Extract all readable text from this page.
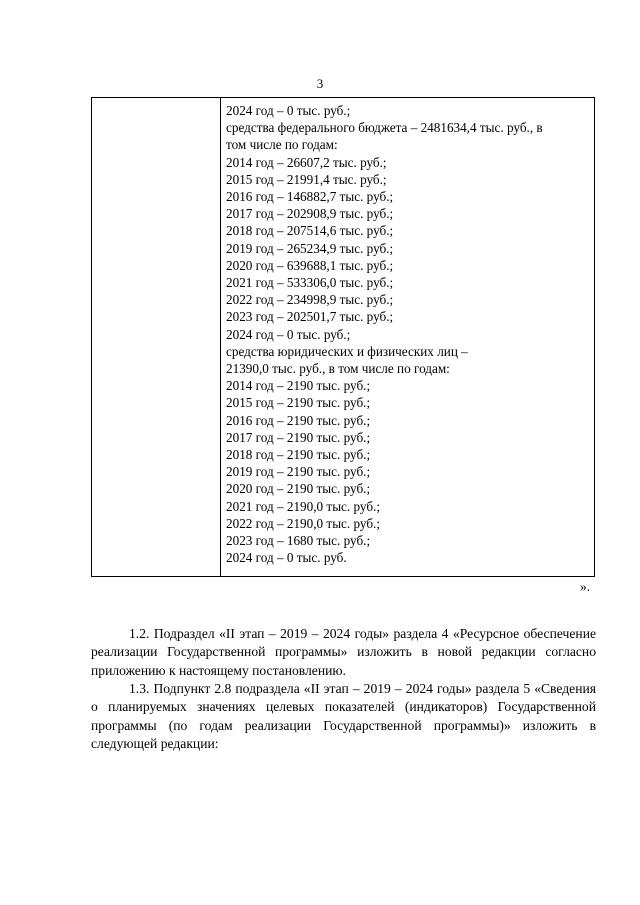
3

2024 год – 0 тыс. руб.;
средства федерального бюджета – 2481634,4 тыс. руб., в
том числе по годам:
2014 год – 26607,2 тыс. руб.;
2015 год – 21991,4 тыс. руб.;
2016 год – 146882,7 тыс. руб.;
2017 год – 202908,9 тыс. руб.;
2018 год – 207514,6 тыс. руб.;
2019 год – 265234,9 тыс. руб.;
2020 год – 639688,1 тыс. руб.;
2021 год – 533306,0 тыс. руб.;
2022 год – 234998,9 тыс. руб.;
2023 год – 202501,7 тыс. руб.;
2024 год – 0 тыс. руб.;
средства юридических и физических лиц –
21390,0 тыс. руб., в том числе по годам:
2014 год – 2190 тыс. руб.;
2015 год – 2190 тыс. руб.;
2016 год – 2190 тыс. руб.;
2017 год – 2190 тыс. руб.;
2018 год – 2190 тыс. руб.;
2019 год – 2190 тыс. руб.;
2020 год – 2190 тыс. руб.;
2021 год – 2190,0 тыс. руб.;
2022 год – 2190,0 тыс. руб.;
2023 год – 1680 тыс. руб.;
2024 год – 0 тыс. руб.
».
1.2. Подраздел «II этап – 2019 – 2024 годы» раздела 4 «Ресурсное обеспечение реализации Государственной программы» изложить в новой редакции согласно приложению к настоящему постановлению.
1.3. Подпункт 2.8 подраздела «II этап – 2019 – 2024 годы» раздела 5 «Сведения о планируемых значениях целевых показателей (индикаторов) Государственной программы (по годам реализации Государственной программы)» изложить в следующей редакции:
